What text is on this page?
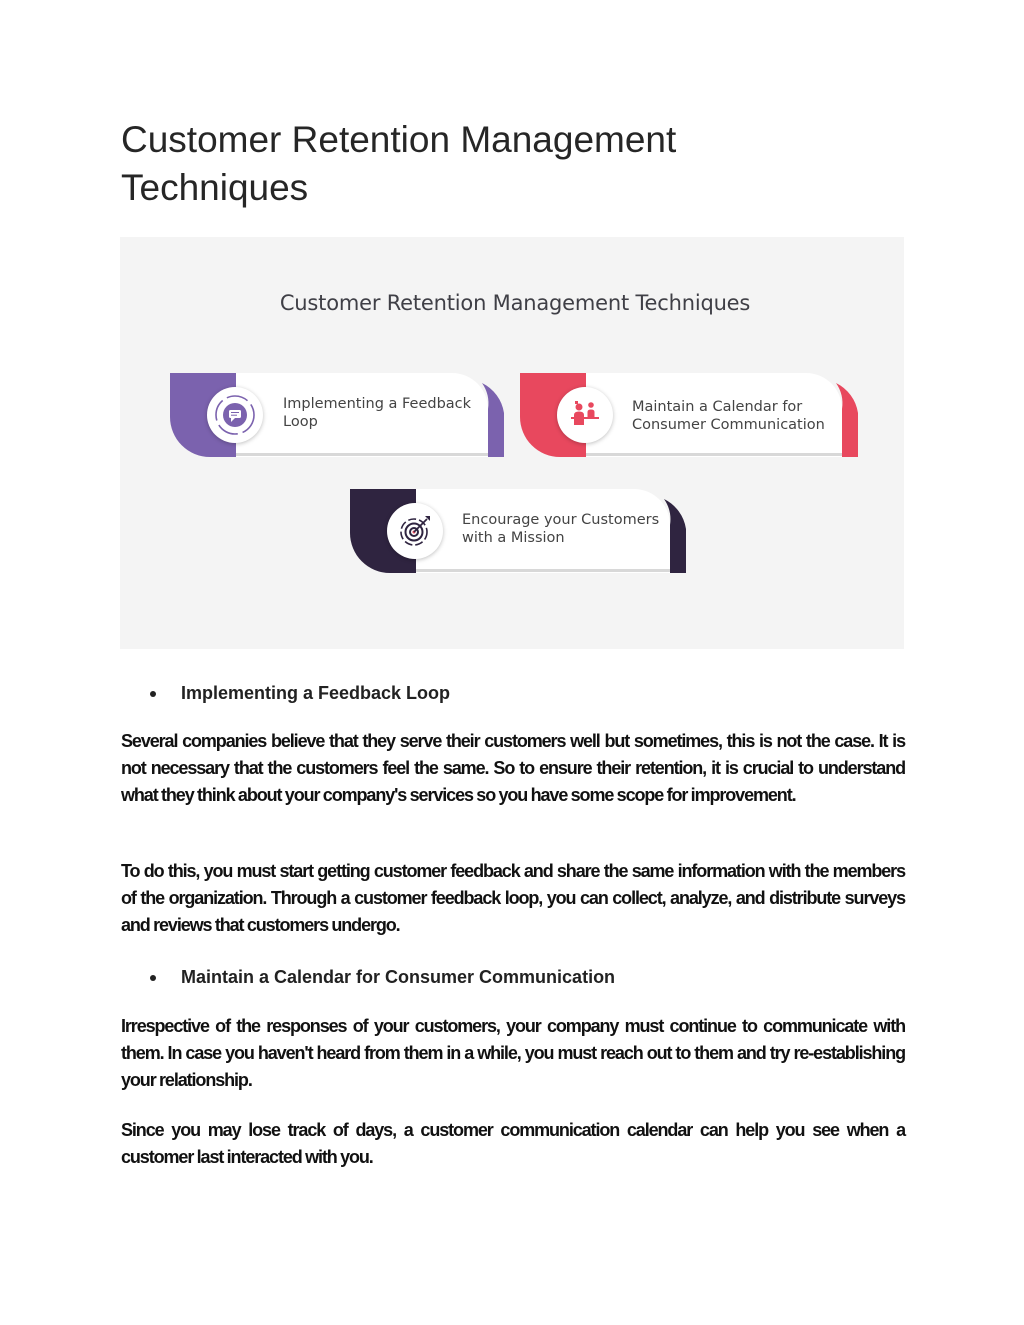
Customer Retention Management Techniques
Customer Retention Management Techniques
Implementing a Feedback Loop
Maintain a Calendar for Consumer Communication
Encourage your Customers with a Mission
Implementing a Feedback Loop

Several companies believe that they serve their customers well but sometimes, this is not the case. It is not necessary that the customers feel the same. So to ensure their retention, it is crucial to understand what they think about your company's services so you have some scope for improvement.

To do this, you must start getting customer feedback and share the same information with the members of the organization. Through a customer feedback loop, you can collect, analyze, and distribute surveys and reviews that customers undergo.

Maintain a Calendar for Consumer Communication

Irrespective of the responses of your customers, your company must continue to communicate with them. In case you haven't heard from them in a while, you must reach out to them and try re-establishing your relationship.

Since you may lose track of days, a customer communication calendar can help you see when a customer last interacted with you.
